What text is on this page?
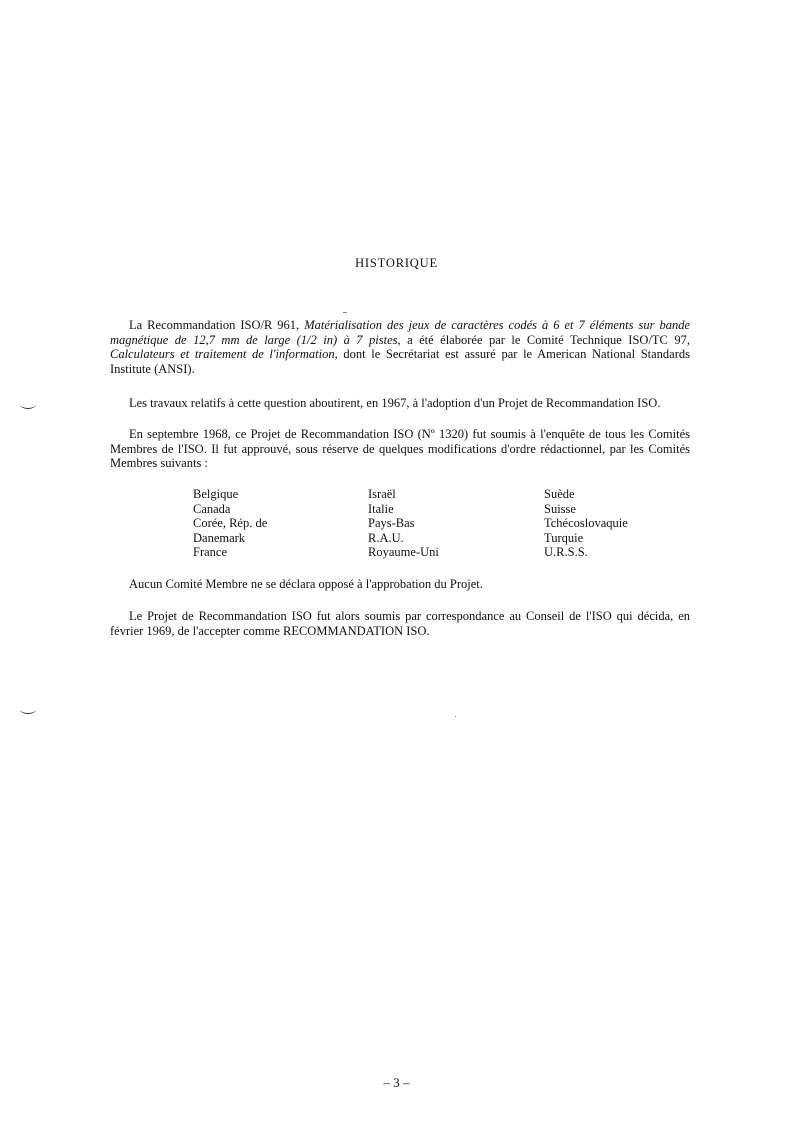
HISTORIQUE

La Recommandation ISO/R 961, Matérialisation des jeux de caractères codés à 6 et 7 éléments sur bande magnétique de 12,7 mm de large (1/2 in) à 7 pistes, a été élaborée par le Comité Technique ISO/TC 97, Calculateurs et traitement de l'information, dont le Secrétariat est assuré par le American National Standards Institute (ANSI).

Les travaux relatifs à cette question aboutirent, en 1967, à l'adoption d'un Projet de Recommandation ISO.

En septembre 1968, ce Projet de Recommandation ISO (Nº 1320) fut soumis à l'enquête de tous les Comités Membres de l'ISO. Il fut approuvé, sous réserve de quelques modifications d'ordre rédactionnel, par les Comités Membres suivants :

Belgique
Canada
Corée, Rép. de
Danemark
France
Israël
Italie
Pays-Bas
R.A.U.
Royaume-Uni
Suède
Suisse
Tchécoslovaquie
Turquie
U.R.S.S.

Aucun Comité Membre ne se déclara opposé à l'approbation du Projet.

Le Projet de Recommandation ISO fut alors soumis par correspondance au Conseil de l'ISO qui décida, en février 1969, de l'accepter comme RECOMMANDATION ISO.

– 3 –
